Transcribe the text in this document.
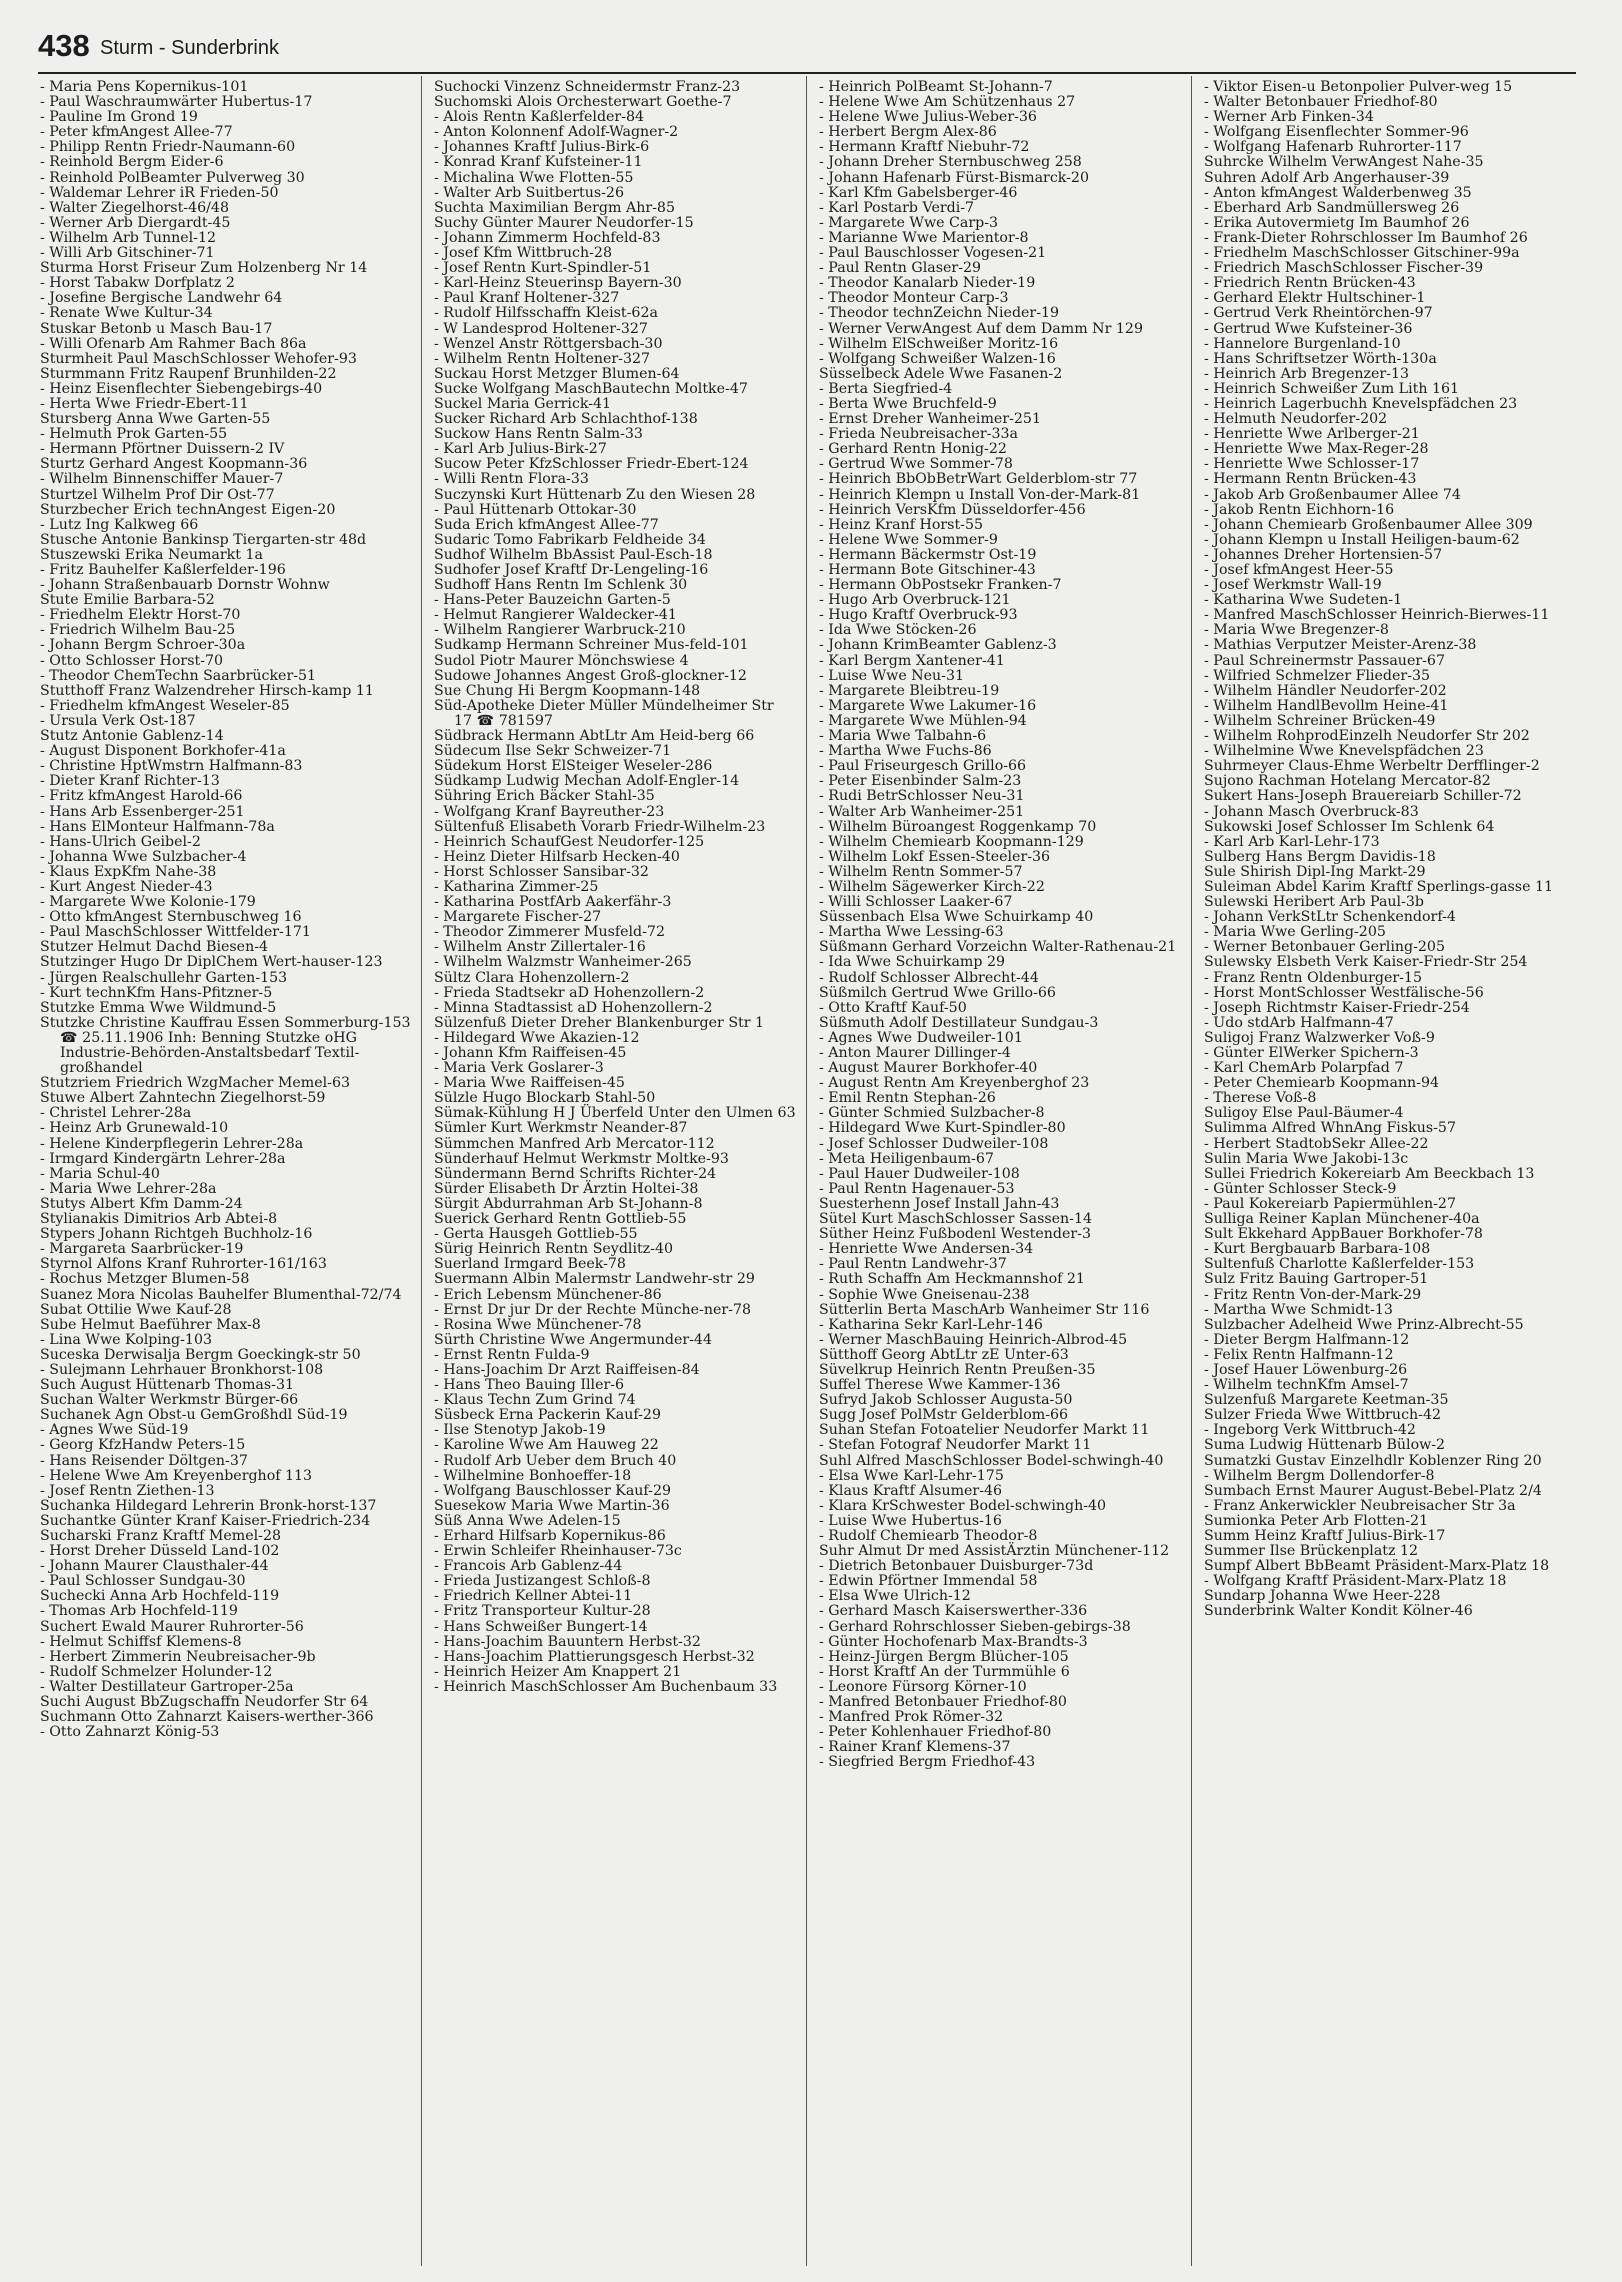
438 Sturm - Sunderbrink
- Maria Pens Kopernikus-101
- Paul Waschraumwärter Hubertus-17
- Pauline Im Grond 19
- Peter kfmAngest Allee-77
- Philipp Rentn Friedr-Naumann-60
- Reinhold Bergm Eider-6
- Reinhold PolBeamter Pulverweg 30
- Waldemar Lehrer iR Frieden-50
- Walter Ziegelhorst-46/48
- Werner Arb Diergardt-45
- Wilhelm Arb Tunnel-12
- Willi Arb Gitschiner-71
Sturma Horst Friseur Zum Holzenberg Nr 14
- Horst Tabakw Dorfplatz 2
- Josefine Bergische Landwehr 64
- Renate Wwe Kultur-34
Stuskar Betonb u Masch Bau-17
- Willi Ofenarb Am Rahmer Bach 86a
Sturmheit Paul MaschSchlosser Wehofer-93
Sturmmann Fritz Raupenf Brunhilden-22
- Heinz Eisenflechter Siebengebirgs-40
- Herta Wwe Friedr-Ebert-11
Stursberg Anna Wwe Garten-55
- Helmuth Prok Garten-55
- Hermann Pförtner Duissern-2 IV
Sturtz Gerhard Angest Koopmann-36
- Wilhelm Binnenschiffer Mauer-7
Sturtzel Wilhelm Prof Dir Ost-77
Sturzbecher Erich technAngest Eigen-20
- Lutz Ing Kalkweg 66
Stusche Antonie Bankinsp Tiergarten-str 48d
Stuszewski Erika Neumarkt 1a
- Fritz Bauhelfer Kaßlerfelder-196
- Johann Straßenbauarb Dornstr Wohnw
Stute Emilie Barbara-52
- Friedhelm Elektr Horst-70
- Friedrich Wilhelm Bau-25
- Johann Bergm Schroer-30a
- Otto Schlosser Horst-70
- Theodor ChemTechn Saarbrücker-51
Stutthoff Franz Walzendreher Hirsch-kamp 11
- Friedhelm kfmAngest Weseler-85
- Ursula Verk Ost-187
Stutz Antonie Gablenz-14
- August Disponent Borkhofer-41a
- Christine HptWmstrn Halfmann-83
- Dieter Kranf Richter-13
- Fritz kfmAngest Harold-66
- Hans Arb Essenberger-251
- Hans ElMonteur Halfmann-78a
- Hans-Ulrich Geibel-2
- Johanna Wwe Sulzbacher-4
- Klaus ExpKfm Nahe-38
- Kurt Angest Nieder-43
- Margarete Wwe Kolonie-179
- Otto kfmAngest Sternbuschweg 16
- Paul MaschSchlosser Wittfelder-171
Stutzer Helmut Dachd Biesen-4
Stutzinger Hugo Dr DiplChem Wert-hauser-123
- Jürgen Realschullehr Garten-153
- Kurt technKfm Hans-Pfitzner-5
Stutzke Emma Wwe Wildmund-5
Stutzke Christine Kauffrau Essen Sommerburg-153 ☎ 25.11.1906 Inh: Benning Stutzke oHG Industrie-Behörden-Anstaltsbedarf Textil-großhandel
Stutzriem Friedrich WzgMacher Memel-63
Stuwe Albert Zahntechn Ziegelhorst-59
- Christel Lehrer-28a
- Heinz Arb Grunewald-10
- Helene Kinderpflegerin Lehrer-28a
- Irmgard Kindergärtn Lehrer-28a
- Maria Schul-40
- Maria Wwe Lehrer-28a
Stutys Albert Kfm Damm-24
Stylianakis Dimitrios Arb Abtei-8
Stypers Johann Richtgeh Buchholz-16
- Margareta Saarbrücker-19
Styrnol Alfons Kranf Ruhrorter-161/163
- Rochus Metzger Blumen-58
Suanez Mora Nicolas Bauhelfer Blumenthal-72/74
Subat Ottilie Wwe Kauf-28
Sube Helmut Baeführer Max-8
- Lina Wwe Kolping-103
Suceska Derwisalja Bergm Goeckingk-str 50
- Sulejmann Lehrhauer Bronkhorst-108
Such August Hüttenarb Thomas-31
Suchan Walter Werkmstr Bürger-66
Suchanek Agn Obst-u GemGroßhdl Süd-19
- Agnes Wwe Süd-19
- Georg KfzHandw Peters-15
- Hans Reisender Döltgen-37
- Helene Wwe Am Kreyenberghof 113
- Josef Rentn Ziethen-13
Suchanka Hildegard Lehrerin Bronk-horst-137
Suchantke Günter Kranf Kaiser-Friedrich-234
Sucharski Franz Kraftf Memel-28
- Horst Dreher Düsseld Land-102
- Johann Maurer Clausthaler-44
- Paul Schlosser Sundgau-30
Suchecki Anna Arb Hochfeld-119
- Thomas Arb Hochfeld-119
Suchert Ewald Maurer Ruhrorter-56
- Helmut Schiffsf Klemens-8
- Herbert Zimmerin Neubreisacher-9b
- Rudolf Schmelzer Holunder-12
- Walter Destillateur Gartroper-25a
Suchi August BbZugschaffn Neudorfer Str 64
Suchmann Otto Zahnarzt Kaisers-werther-366
- Otto Zahnarzt König-53
Suchocki Vinzenz Schneidermstr Franz-23
Suchomski Alois Orchesterwart Goethe-7
- Alois Rentn Kaßlerfelder-84
- Anton Kolonnenf Adolf-Wagner-2
- Johannes Kraftf Julius-Birk-6
- Konrad Kranf Kufsteiner-11
- Michalina Wwe Flotten-55
- Walter Arb Suitbertus-26
Suchta Maximilian Bergm Ahr-85
Suchy Günter Maurer Neudorfer-15
- Johann Zimmerm Hochfeld-83
- Josef Kfm Wittbruch-28
- Josef Rentn Kurt-Spindler-51
- Karl-Heinz Steuerinsp Bayern-30
- Paul Kranf Holtener-327
- Rudolf Hilfsschaffn Kleist-62a
- W Landesprod Holtener-327
- Wenzel Anstr Röttgersbach-30
- Wilhelm Rentn Holtener-327
Suckau Horst Metzger Blumen-64
Sucke Wolfgang MaschBautechn Moltke-47
Suckel Maria Gerrick-41
Sucker Richard Arb Schlachthof-138
Suckow Hans Rentn Salm-33
- Karl Arb Julius-Birk-27
Sucow Peter KfzSchlosser Friedr-Ebert-124
- Willi Rentn Flora-33
Suczynski Kurt Hüttenarb Zu den Wiesen 28
- Paul Hüttenarb Ottokar-30
Suda Erich kfmAngest Allee-77
Sudaric Tomo Fabrikarb Feldheide 34
Sudhof Wilhelm BbAssist Paul-Esch-18
Sudhofer Josef Kraftf Dr-Lengeling-16
Sudhoff Hans Rentn Im Schlenk 30
- Hans-Peter Bauzeichn Garten-5
- Helmut Rangierer Waldecker-41
- Wilhelm Rangierer Warbruck-210
Sudkamp Hermann Schreiner Mus-feld-101
Sudol Piotr Maurer Mönchswiese 4
Sudowe Johannes Angest Groß-glockner-12
Sue Chung Hi Bergm Koopmann-148
Süd-Apotheke Dieter Müller Mündelheimer Str 17 ☎ 781597
Südbrack Hermann AbtLtr Am Heid-berg 66
Südecum Ilse Sekr Schweizer-71
Südekum Horst ElSteiger Weseler-286
Südkamp Ludwig Mechan Adolf-Engler-14
Sühring Erich Bäcker Stahl-35
- Wolfgang Kranf Bayreuther-23
Sültenfuß Elisabeth Vorarb Friedr-Wilhelm-23
- Heinrich SchaufGest Neudorfer-125
- Heinz Dieter Hilfsarb Hecken-40
- Horst Schlosser Sansibar-32
- Katharina Zimmer-25
- Katharina PostfArb Aakerfähr-3
- Margarete Fischer-27
- Theodor Zimmerer Musfeld-72
- Wilhelm Anstr Zillertaler-16
- Wilhelm Walzmstr Wanheimer-265
Sültz Clara Hohenzollern-2
- Frieda Stadtsekr aD Hohenzollern-2
- Minna Stadtassist aD Hohenzollern-2
Sülzenfuß Dieter Dreher Blankenburger Str 1
- Hildegard Wwe Akazien-12
- Johann Kfm Raiffeisen-45
- Maria Verk Goslarer-3
- Maria Wwe Raiffeisen-45
Sülzle Hugo Blockarb Stahl-50
Sümak-Kühlung H J Überfeld Unter den Ulmen 63
Sümler Kurt Werkmstr Neander-87
Sümmchen Manfred Arb Mercator-112
Sünderhauf Helmut Werkmstr Moltke-93
Sündermann Bernd Schrifts Richter-24
Sürder Elisabeth Dr Ärztin Holtei-38
Sürgit Abdurrahman Arb St-Johann-8
Suerick Gerhard Rentn Gottlieb-55
- Gerta Hausgeh Gottlieb-55
Sürig Heinrich Rentn Seydlitz-40
Suerland Irmgard Beek-78
Suermann Albin Malermstr Landwehr-str 29
- Erich Lebensm Münchener-86
- Ernst Dr jur Dr der Rechte Münche-ner-78
- Rosina Wwe Münchener-78
Sürth Christine Wwe Angermunder-44
- Ernst Rentn Fulda-9
- Hans-Joachim Dr Arzt Raiffeisen-84
- Hans Theo Bauing Iller-6
- Klaus Techn Zum Grind 74
Süsbeck Erna Packerin Kauf-29
- Ilse Stenotyp Jakob-19
- Karoline Wwe Am Hauweg 22
- Rudolf Arb Ueber dem Bruch 40
- Wilhelmine Bonhoeffer-18
- Wolfgang Bauschlosser Kauf-29
Suesekow Maria Wwe Martin-36
Süß Anna Wwe Adelen-15
- Erhard Hilfsarb Kopernikus-86
- Erwin Schleifer Rheinhauser-73c
- Francois Arb Gablenz-44
- Frieda Justizangest Schloß-8
- Friedrich Kellner Abtei-11
- Fritz Transporteur Kultur-28
- Hans Schweißer Bungert-14
- Hans-Joachim Bauuntern Herbst-32
- Hans-Joachim Plattierungsgesch Herbst-32
- Heinrich Heizer Am Knappert 21
- Heinrich MaschSchlosser Am Buchenbaum 33
- Heinrich PolBeamt St-Johann-7
- Helene Wwe Am Schützenhaus 27
- Helene Wwe Julius-Weber-36
- Herbert Bergm Alex-86
- Hermann Kraftf Niebuhr-72
- Johann Dreher Sternbuschweg 258
- Johann Hafenarb Fürst-Bismarck-20
- Karl Kfm Gabelsberger-46
- Karl Postarb Verdi-7
- Margarete Wwe Carp-3
- Marianne Wwe Marientor-8
- Paul Bauschlosser Vogesen-21
- Paul Rentn Glaser-29
- Theodor Kanalarb Nieder-19
- Theodor Monteur Carp-3
- Theodor technZeichn Nieder-19
- Werner VerwAngest Auf dem Damm Nr 129
- Wilhelm ElSchweißer Moritz-16
- Wolfgang Schweißer Walzen-16
Süsselbeck Adele Wwe Fasanen-2
- Berta Siegfried-4
- Berta Wwe Bruchfeld-9
- Ernst Dreher Wanheimer-251
- Frieda Neubreisacher-33a
- Gerhard Rentn Honig-22
- Gertrud Wwe Sommer-78
- Heinrich BbObBetrWart Gelderblom-str 77
- Heinrich Klempn u Install Von-der-Mark-81
- Heinrich VersKfm Düsseldorfer-456
- Heinz Kranf Horst-55
- Helene Wwe Sommer-9
- Hermann Bäckermstr Ost-19
- Hermann Bote Gitschiner-43
- Hermann ObPostsekr Franken-7
- Hugo Arb Overbruck-121
- Hugo Kraftf Overbruck-93
- Ida Wwe Stöcken-26
- Johann KrimBeamter Gablenz-3
- Karl Bergm Xantener-41
- Luise Wwe Neu-31
- Margarete Bleibtreu-19
- Margarete Wwe Lakumer-16
- Margarete Wwe Mühlen-94
- Maria Wwe Talbahn-6
- Martha Wwe Fuchs-86
- Paul Friseurgesch Grillo-66
- Peter Eisenbinder Salm-23
- Rudi BetrSchlosser Neu-31
- Walter Arb Wanheimer-251
- Wilhelm Büroangest Roggenkamp 70
- Wilhelm Chemiearb Koopmann-129
- Wilhelm Lokf Essen-Steeler-36
- Wilhelm Rentn Sommer-57
- Wilhelm Sägewerker Kirch-22
- Willi Schlosser Laaker-67
Süssenbach Elsa Wwe Schuirkamp 40
- Martha Wwe Lessing-63
Süßmann Gerhard Vorzeichn Walter-Rathenau-21
- Ida Wwe Schuirkamp 29
- Rudolf Schlosser Albrecht-44
Süßmilch Gertrud Wwe Grillo-66
- Otto Kraftf Kauf-50
Süßmuth Adolf Destillateur Sundgau-3
- Agnes Wwe Dudweiler-101
- Anton Maurer Dillinger-4
- August Maurer Borkhofer-40
- August Rentn Am Kreyenberghof 23
- Emil Rentn Stephan-26
- Günter Schmied Sulzbacher-8
- Hildegard Wwe Kurt-Spindler-80
- Josef Schlosser Dudweiler-108
- Meta Heiligenbaum-67
- Paul Hauer Dudweiler-108
- Paul Rentn Hagenauer-53
Suesterhenn Josef Install Jahn-43
Sütel Kurt MaschSchlosser Sassen-14
Süther Heinz Fußbodenl Westender-3
- Henriette Wwe Andersen-34
- Paul Rentn Landwehr-37
- Ruth Schaffn Am Heckmannshof 21
- Sophie Wwe Gneisenau-238
Sütterlin Berta MaschArb Wanheimer Str 116
- Katharina Sekr Karl-Lehr-146
- Werner MaschBauing Heinrich-Albrod-45
Sütthoff Georg AbtLtr zE Unter-63
Süvelkrup Heinrich Rentn Preußen-35
Suffel Therese Wwe Kammer-136
Sufryd Jakob Schlosser Augusta-50
Sugg Josef PolMstr Gelderblom-66
Suhan Stefan Fotoatelier Neudorfer Markt 11
- Stefan Fotograf Neudorfer Markt 11
Suhl Alfred MaschSchlosser Bodel-schwingh-40
- Elsa Wwe Karl-Lehr-175
- Klaus Kraftf Alsumer-46
- Klara KrSchwester Bodel-schwingh-40
- Luise Wwe Hubertus-16
- Rudolf Chemiearb Theodor-8
Suhr Almut Dr med AssistÄrztin Münchener-112
- Dietrich Betonbauer Duisburger-73d
- Edwin Pförtner Immendal 58
- Elsa Wwe Ulrich-12
- Gerhard Masch Kaiserswerther-336
- Gerhard Rohrschlosser Sieben-gebirgs-38
- Günter Hochofenarb Max-Brandts-3
- Heinz-Jürgen Bergm Blücher-105
- Horst Kraftf An der Turmmühle 6
- Leonore Fürsorg Körner-10
- Manfred Betonbauer Friedhof-80
- Manfred Prok Römer-32
- Peter Kohlenhauer Friedhof-80
- Rainer Kranf Klemens-37
- Siegfried Bergm Friedhof-43
- Viktor Eisen-u Betonpolier Pulver-weg 15
- Walter Betonbauer Friedhof-80
- Werner Arb Finken-34
- Wolfgang Eisenflechter Sommer-96
- Wolfgang Hafenarb Ruhrorter-117
Suhrcke Wilhelm VerwAngest Nahe-35
Suhren Adolf Arb Angerhauser-39
- Anton kfmAngest Walderbenweg 35
- Eberhard Arb Sandmüllersweg 26
- Erika Autovermietg Im Baumhof 26
- Frank-Dieter Rohrschlosser Im Baumhof 26
- Friedhelm MaschSchlosser Gitschiner-99a
- Friedrich MaschSchlosser Fischer-39
- Friedrich Rentn Brücken-43
- Gerhard Elektr Hultschiner-1
- Gertrud Verk Rheintörchen-97
- Gertrud Wwe Kufsteiner-36
- Hannelore Burgenland-10
- Hans Schriftsetzer Wörth-130a
- Heinrich Arb Bregenzer-13
- Heinrich Schweißer Zum Lith 161
- Heinrich Lagerbuchh Knevelspfädchen 23
- Helmuth Neudorfer-202
- Henriette Wwe Arlberger-21
- Henriette Wwe Max-Reger-28
- Henriette Wwe Schlosser-17
- Hermann Rentn Brücken-43
- Jakob Arb Großenbaumer Allee 74
- Jakob Rentn Eichhorn-16
- Johann Chemiearb Großenbaumer Allee 309
- Johann Klempn u Install Heiligen-baum-62
- Johannes Dreher Hortensien-57
- Josef kfmAngest Heer-55
- Josef Werkmstr Wall-19
- Katharina Wwe Sudeten-1
- Manfred MaschSchlosser Heinrich-Bierwes-11
- Maria Wwe Bregenzer-8
- Mathias Verputzer Meister-Arenz-38
- Paul Schreinermstr Passauer-67
- Wilfried Schmelzer Flieder-35
- Wilhelm Händler Neudorfer-202
- Wilhelm HandlBevollm Heine-41
- Wilhelm Schreiner Brücken-49
- Wilhelm RohprodEinzelh Neudorfer Str 202
- Wilhelmine Wwe Knevelspfädchen 23
Suhrmeyer Claus-Ehme Werbeltr Derfflinger-2
Sujono Rachman Hotelang Mercator-82
Sukert Hans-Joseph Brauereiarb Schiller-72
- Johann Masch Overbruck-83
Sukowski Josef Schlosser Im Schlenk 64
- Karl Arb Karl-Lehr-173
Sulberg Hans Bergm Davidis-18
Sule Shirish Dipl-Ing Markt-29
Suleiman Abdel Karim Kraftf Sperlings-gasse 11
Sulewski Heribert Arb Paul-3b
- Johann VerkStLtr Schenkendorf-4
- Maria Wwe Gerling-205
- Werner Betonbauer Gerling-205
Sulewsky Elsbeth Verk Kaiser-Friedr-Str 254
- Franz Rentn Oldenburger-15
- Horst MontSchlosser Westfälische-56
- Joseph Richtmstr Kaiser-Friedr-254
- Udo stdArb Halfmann-47
Suligoj Franz Walzwerker Voß-9
- Günter ElWerker Spichern-3
- Karl ChemArb Polarpfad 7
- Peter Chemiearb Koopmann-94
- Therese Voß-8
Suligoy Else Paul-Bäumer-4
Sulimma Alfred WhnAng Fiskus-57
- Herbert StadtobSekr Allee-22
Sulin Maria Wwe Jakobi-13c
Sullei Friedrich Kokereiarb Am Beeckbach 13
- Günter Schlosser Steck-9
- Paul Kokereiarb Papiermühlen-27
Sulliga Reiner Kaplan Münchener-40a
Sult Ekkehard AppBauer Borkhofer-78
- Kurt Bergbauarb Barbara-108
Sultenfuß Charlotte Kaßlerfelder-153
Sulz Fritz Bauing Gartroper-51
- Fritz Rentn Von-der-Mark-29
- Martha Wwe Schmidt-13
Sulzbacher Adelheid Wwe Prinz-Albrecht-55
- Dieter Bergm Halfmann-12
- Felix Rentn Halfmann-12
- Josef Hauer Löwenburg-26
- Wilhelm technKfm Amsel-7
Sulzenfuß Margarete Keetman-35
Sulzer Frieda Wwe Wittbruch-42
- Ingeborg Verk Wittbruch-42
Suma Ludwig Hüttenarb Bülow-2
Sumatzki Gustav Einzelhdlr Koblenzer Ring 20
- Wilhelm Bergm Dollendorfer-8
Sumbach Ernst Maurer August-Bebel-Platz 2/4
- Franz Ankerwickler Neubreisacher Str 3a
Sumionka Peter Arb Flotten-21
Summ Heinz Kraftf Julius-Birk-17
Summer Ilse Brückenplatz 12
Sumpf Albert BbBeamt Präsident-Marx-Platz 18
- Wolfgang Kraftf Präsident-Marx-Platz 18
Sundarp Johanna Wwe Heer-228
Sunderbrink Walter Kondit Kölner-46
